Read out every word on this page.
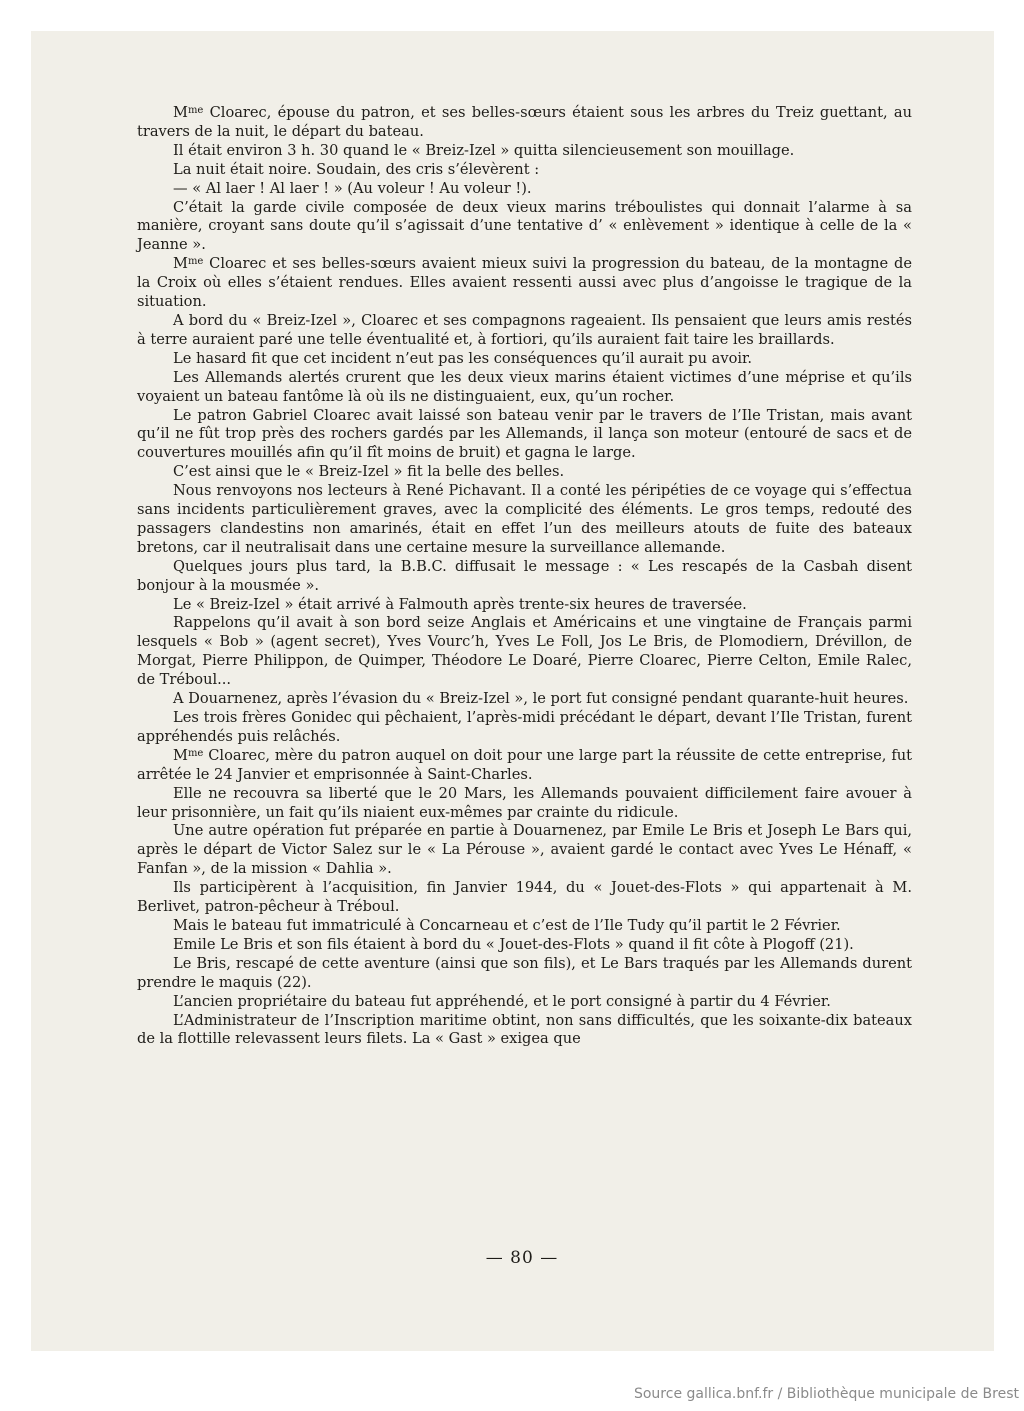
$M^{me}$ Cloarec, épouse du patron, et ses belles-sœurs étaient sous les arbres du Treiz guettant, au travers de la nuit, le départ du bateau.

Il était environ 3 h. 30 quand le « Breiz-Izel » quitta silencieusement son mouillage.

La nuit était noire. Soudain, des cris s’élevèrent :

— « Al laer ! Al laer ! » (Au voleur ! Au voleur !).

C’était la garde civile composée de deux vieux marins tréboulistes qui donnait l’alarme à sa manière, croyant sans doute qu’il s’agissait d’une tentative d’ « enlèvement » identique à celle de la « Jeanne ».

$M^{me}$ Cloarec et ses belles-sœurs avaient mieux suivi la progression du bateau, de la montagne de la Croix où elles s’étaient rendues. Elles avaient ressenti aussi avec plus d’angoisse le tragique de la situation.

A bord du « Breiz-Izel », Cloarec et ses compagnons rageaient. Ils pensaient que leurs amis restés à terre auraient paré une telle éventualité et, à fortiori, qu’ils auraient fait taire les braillards.

Le hasard fit que cet incident n’eut pas les conséquences qu’il aurait pu avoir.

Les Allemands alertés crurent que les deux vieux marins étaient victimes d’une méprise et qu’ils voyaient un bateau fantôme là où ils ne distinguaient, eux, qu’un rocher.

Le patron Gabriel Cloarec avait laissé son bateau venir par le travers de l’Ile Tristan, mais avant qu’il ne fût trop près des rochers gardés par les Allemands, il lança son moteur (entouré de sacs et de couvertures mouillés afin qu’il fît moins de bruit) et gagna le large.

C’est ainsi que le « Breiz-Izel » fit la belle des belles.

Nous renvoyons nos lecteurs à René Pichavant. Il a conté les péripéties de ce voyage qui s’effectua sans incidents particulièrement graves, avec la complicité des éléments. Le gros temps, redouté des passagers clandestins non amarinés, était en effet l’un des meilleurs atouts de fuite des bateaux bretons, car il neutralisait dans une certaine mesure la surveillance allemande.

Quelques jours plus tard, la B.B.C. diffusait le message : « Les rescapés de la Casbah disent bonjour à la mousmée ».

Le « Breiz-Izel » était arrivé à Falmouth après trente-six heures de traversée.

Rappelons qu’il avait à son bord seize Anglais et Américains et une vingtaine de Français parmi lesquels « Bob » (agent secret), Yves Vourc’h, Yves Le Foll, Jos Le Bris, de Plomodiern, Drévillon, de Morgat, Pierre Philippon, de Quimper, Théodore Le Doaré, Pierre Cloarec, Pierre Celton, Emile Ralec, de Tréboul...

A Douarnenez, après l’évasion du « Breiz-Izel », le port fut consigné pendant quarante-huit heures.

Les trois frères Gonidec qui pêchaient, l’après-midi précédant le départ, devant l’Ile Tristan, furent appréhendés puis relâchés.

$M^{me}$ Cloarec, mère du patron auquel on doit pour une large part la réussite de cette entreprise, fut arrêtée le 24 Janvier et emprisonnée à Saint-Charles.

Elle ne recouvra sa liberté que le 20 Mars, les Allemands pouvaient difficilement faire avouer à leur prisonnière, un fait qu’ils niaient eux-mêmes par crainte du ridicule.

Une autre opération fut préparée en partie à Douarnenez, par Emile Le Bris et Joseph Le Bars qui, après le départ de Victor Salez sur le « La Pérouse », avaient gardé le contact avec Yves Le Hénaff, « Fanfan », de la mission « Dahlia ».

Ils participèrent à l’acquisition, fin Janvier 1944, du « Jouet-des-Flots » qui appartenait à M. Berlivet, patron-pêcheur à Tréboul.

Mais le bateau fut immatriculé à Concarneau et c’est de l’Ile Tudy qu’il partit le 2 Février.

Emile Le Bris et son fils étaient à bord du « Jouet-des-Flots » quand il fit côte à Plogoff (21).

Le Bris, rescapé de cette aventure (ainsi que son fils), et Le Bars traqués par les Allemands durent prendre le maquis (22).

L’ancien propriétaire du bateau fut appréhendé, et le port consigné à partir du 4 Février.

L’Administrateur de l’Inscription maritime obtint, non sans difficultés, que les soixante-dix bateaux de la flottille relevassent leurs filets. La « Gast » exigea que

— 80 —
Source gallica.bnf.fr / Bibliothèque municipale de Brest
